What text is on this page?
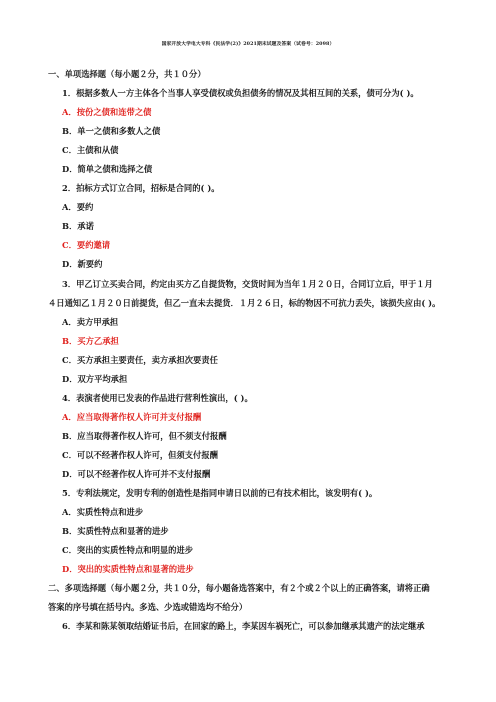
国家开放大学电大专科《民法学(2)》2021期末试题及答案（试卷号：2098）
一、单项选择题（每小题２分，共１０分）
1．根据多数人一方主体各个当事人享受债权或负担债务的情况及其相互间的关系，债可分为( )。
A．按份之债和连带之债
B．单一之债和多数人之债
C．主债和从债
D．简单之债和选择之债
2．拍标方式订立合同，招标是合同的( )。
A．要约
B．承诺
C．要约邀请
D．新要约
3．甲乙订立买卖合同，约定由买方乙自提货物，交货时间为当年１月２０日，合同订立后，甲于１月
４日通知乙１月２０日前提货，但乙一直未去提货．１月２６日，标的物因不可抗力丢失，该损失应由( )。
A．卖方甲承担
B．买方乙承担
C．买方承担主要责任，卖方承担次要责任
D．双方平均承担
4．表演者使用已发表的作品进行营利性演出，( )。
A．应当取得著作权人许可并支付报酬
B．应当取得著作权人许可，但不须支付报酬
C．可以不经著作权人许可，但须支付报酬
D．可以不经著作权人许可并不支付报酬
5．专利法规定，发明专利的创造性是指同申请日以前的已有技术相比，该发明有( )。
A．实质性特点和进步
B．实质性特点和显著的进步
C．突出的实质性特点和明显的进步
D．突出的实质性特点和显著的进步
二、多项选择题（每小题２分，共１０分，每小题备选答案中，有２个或２个以上的正确答案，请将正确
答案的序号填在括号内。多选、少选或错选均不给分）
6．李某和陈某领取结婚证书后，在回家的路上，李某因车祸死亡，可以参加继承其遗产的法定继承
